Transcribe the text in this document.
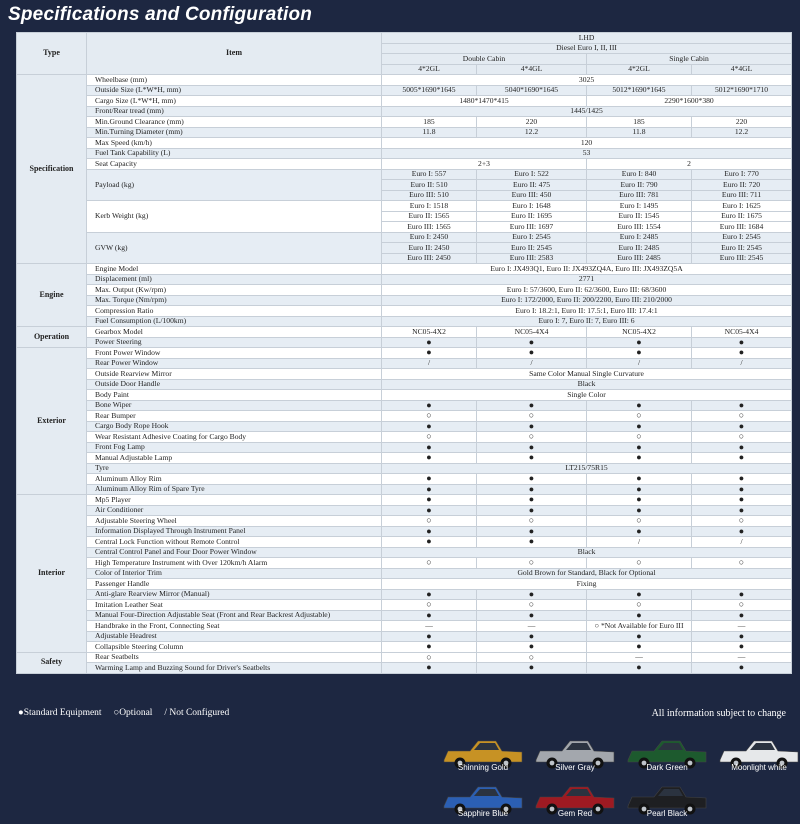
Specifications and Configuration
Type	Item	LHD			
		Diesel Euro I, II, III			
		Double Cabin		Single Cabin	
		4*2GL	4*4GL	4*2GL	4*4GL
Specification	Wheelbase (mm)	3025			
	Outside Size (L*W*H, mm)	5005*1690*1645	5040*1690*1645	5012*1690*1645	5012*1690*1710
	Cargo Size (L*W*H, mm)	1480*1470*415		2290*1600*380	
	Front/Rear tread (mm)	1445/1425			
	Min.Ground Clearance (mm)	185	220	185	220
	Min.Turning Diameter (mm)	11.8	12.2	11.8	12.2
	Max Speed (km/h)	120			
	Fuel Tank Capability (L)	53			
	Seat Capacity	2+3		2	
	Payload (kg)	Euro I: 557	Euro I: 522	Euro I: 840	Euro I: 770
		Euro II: 510	Euro II: 475	Euro II: 790	Euro II: 720
		Euro III: 510	Euro III: 450	Euro III: 781	Euro III: 711
	Kerb Weight (kg)	Euro I: 1518	Euro I: 1648	Euro I: 1495	Euro I: 1625
		Euro II: 1565	Euro II: 1695	Euro II: 1545	Euro II: 1675
		Euro III: 1565	Euro III: 1697	Euro III: 1554	Euro III: 1684
	GVW (kg)	Euro I: 2450	Euro I: 2545	Euro I: 2485	Euro I: 2545
		Euro II: 2450	Euro II: 2545	Euro II: 2485	Euro II: 2545
		Euro III: 2450	Euro III: 2583	Euro III: 2485	Euro III: 2545
Engine	Engine Model	Euro I: JX493Q1, Euro II: JX493ZQ4A, Euro III: JX493ZQ5A			
	Displacement (ml)	2771			
	Max. Output (Kw/rpm)	Euro I: 57/3600, Euro II: 62/3600, Euro III: 68/3600			
	Max. Torque (Nm/rpm)	Euro I: 172/2000, Euro II: 200/2200, Euro III: 210/2000			
	Compression Ratio	Euro I: 18.2:1, Euro II: 17.5:1, Euro III: 17.4:1			
	Fuel Consumption (L/100km)	Euro I: 7, Euro II: 7, Euro III: 6			
Operation	Gearbox Model	NC05-4X2	NC05-4X4	NC05-4X2	NC05-4X4
	Power Steering	●	●	●	●
Exterior	Front Power Window	●	●	●	●
	Rear Power Window	/	/	/	/
	Outside Rearview Mirror	Same Color Manual Single Curvature			
	Outside Door Handle	Black			
	Body Paint	Single Color			
	Bone Wiper	●	●	●	●
	Rear Bumper	○	○	○	○
	Cargo Body Rope Hook	●	●	●	●
	Wear Resistant Adhesive Coating for Cargo Body	○	○	○	○
	Front Fog Lamp	●	●	●	●
	Manual Adjustable Lamp	●	●	●	●
	Tyre	LT215/75R15			
	Aluminum Alloy Rim	●	●	●	●
	Aluminum Alloy Rim of Spare Tyre	●	●	●	●
Interior	Mp5 Player	●	●	●	●
	Air Conditioner	●	●	●	●
	Adjustable Steering Wheel	○	○	○	○
	Information Displayed Through Instrument Panel	●	●	●	●
	Central Lock Function without Remote Control	●	●	/	/
	Central Control Panel and Four Door Power Window	Black			
	High Temperature Instrument with Over 120km/h Alarm	○	○	○	○
	Color of Interior Trim	Gold Brown for Standard, Black for Optional			
	Passenger Handle	Fixing			
	Anti-glare Rearview Mirror (Manual)	●	●	●	●
	Imitation Leather Seat	○	○	○	○
	Manual Four-Direction Adjustable Seat (Front and Rear Backrest Adjustable)	●	●	●	●
	Handbrake in the Front, Connecting Seat	—	—	○ *Not Available for Euro III	—
	Adjustable Headrest	●	●	●	●
	Collapsible Steering Column	●	●	●	●
Safety	Rear Seatbelts	○	○	—	—
	Warming Lamp and Buzzing Sound for Driver's Seatbelts	●	●	●	●
●Standard Equipment ○Optional / Not Configured	All information subject to change
Shinning Gold	Silver Gray	Dark Green	Moonlight white
Sapphire Blue	Gem Red	Pearl Black
